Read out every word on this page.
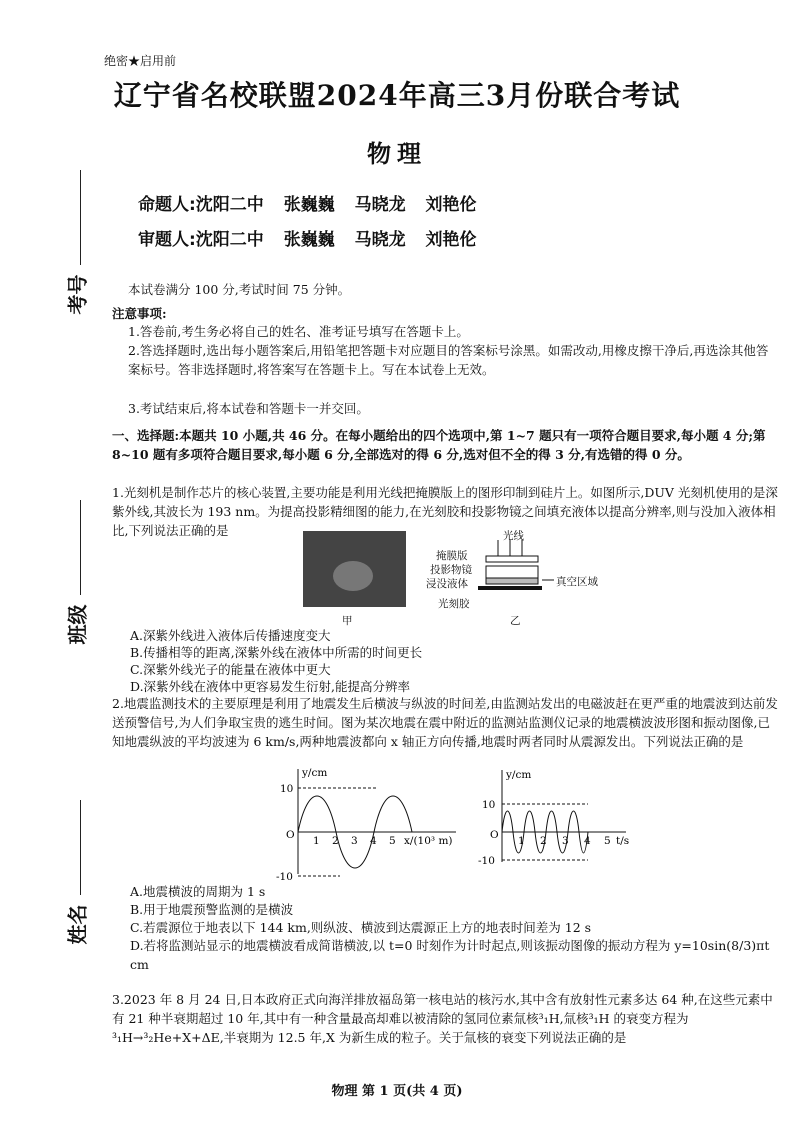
绝密★启用前
辽宁省名校联盟2024年高三3月份联合考试
物理
命题人:沈阳二中 张巍巍 马晓龙 刘艳伦
审题人:沈阳二中 张巍巍 马晓龙 刘艳伦
考号
班级
姓名
本试卷满分 100 分,考试时间 75 分钟。
注意事项:
1.答卷前,考生务必将自己的姓名、准考证号填写在答题卡上。
2.答选择题时,选出每小题答案后,用铅笔把答题卡对应题目的答案标号涂黑。如需改动,用橡皮擦干净后,再选涂其他答案标号。答非选择题时,将答案写在答题卡上。写在本试卷上无效。
3.考试结束后,将本试卷和答题卡一并交回。
一、选择题:本题共 10 小题,共 46 分。在每小题给出的四个选项中,第 1~7 题只有一项符合题目要求,每小题 4 分;第 8~10 题有多项符合题目要求,每小题 6 分,全部选对的得 6 分,选对但不全的得 3 分,有选错的得 0 分。
1.光刻机是制作芯片的核心装置,主要功能是利用光线把掩膜版上的图形印制到硅片上。如图所示,DUV 光刻机使用的是深紫外线,其波长为 193 nm。为提高投影精细图的能力,在光刻胶和投影物镜之间填充液体以提高分辨率,则与没加入液体相比,下列说法正确的是
甲
光线
掩膜版
投影物镜
浸没液体
光刻胶
真空区域
乙
A.深紫外线进入液体后传播速度变大
B.传播相等的距离,深紫外线在液体中所需的时间更长
C.深紫外线光子的能量在液体中更大
D.深紫外线在液体中更容易发生衍射,能提高分辨率
2.地震监测技术的主要原理是利用了地震发生后横波与纵波的时间差,由监测站发出的电磁波赶在更严重的地震波到达前发送预警信号,为人们争取宝贵的逃生时间。图为某次地震在震中附近的监测站监测仪记录的地震横波波形图和振动图像,已知地震纵波的平均波速为 6 km/s,两种地震波都向 x 轴正方向传播,地震时两者同时从震源发出。下列说法正确的是
y/cm
10
-10
O 1 2 3 4 5 x/(10³ m)
y/cm
10
-10
O 1 2 3 4 5 t/s
A.地震横波的周期为 1 s
B.用于地震预警监测的是横波
C.若震源位于地表以下 144 km,则纵波、横波到达震源正上方的地表时间差为 12 s
D.若将监测站显示的地震横波看成简谐横波,以 t=0 时刻作为计时起点,则该振动图像的振动方程为 y=10sin(8/3)πt cm
3.2023 年 8 月 24 日,日本政府正式向海洋排放福岛第一核电站的核污水,其中含有放射性元素多达 64 种,在这些元素中有 21 种半衰期超过 10 年,其中有一种含量最高却难以被清除的氢同位素氚核³₁H,氚核³₁H 的衰变方程为³₁H→³₂He+X+ΔE,半衰期为 12.5 年,X 为新生成的粒子。关于氚核的衰变下列说法正确的是
物理 第 1 页(共 4 页)
